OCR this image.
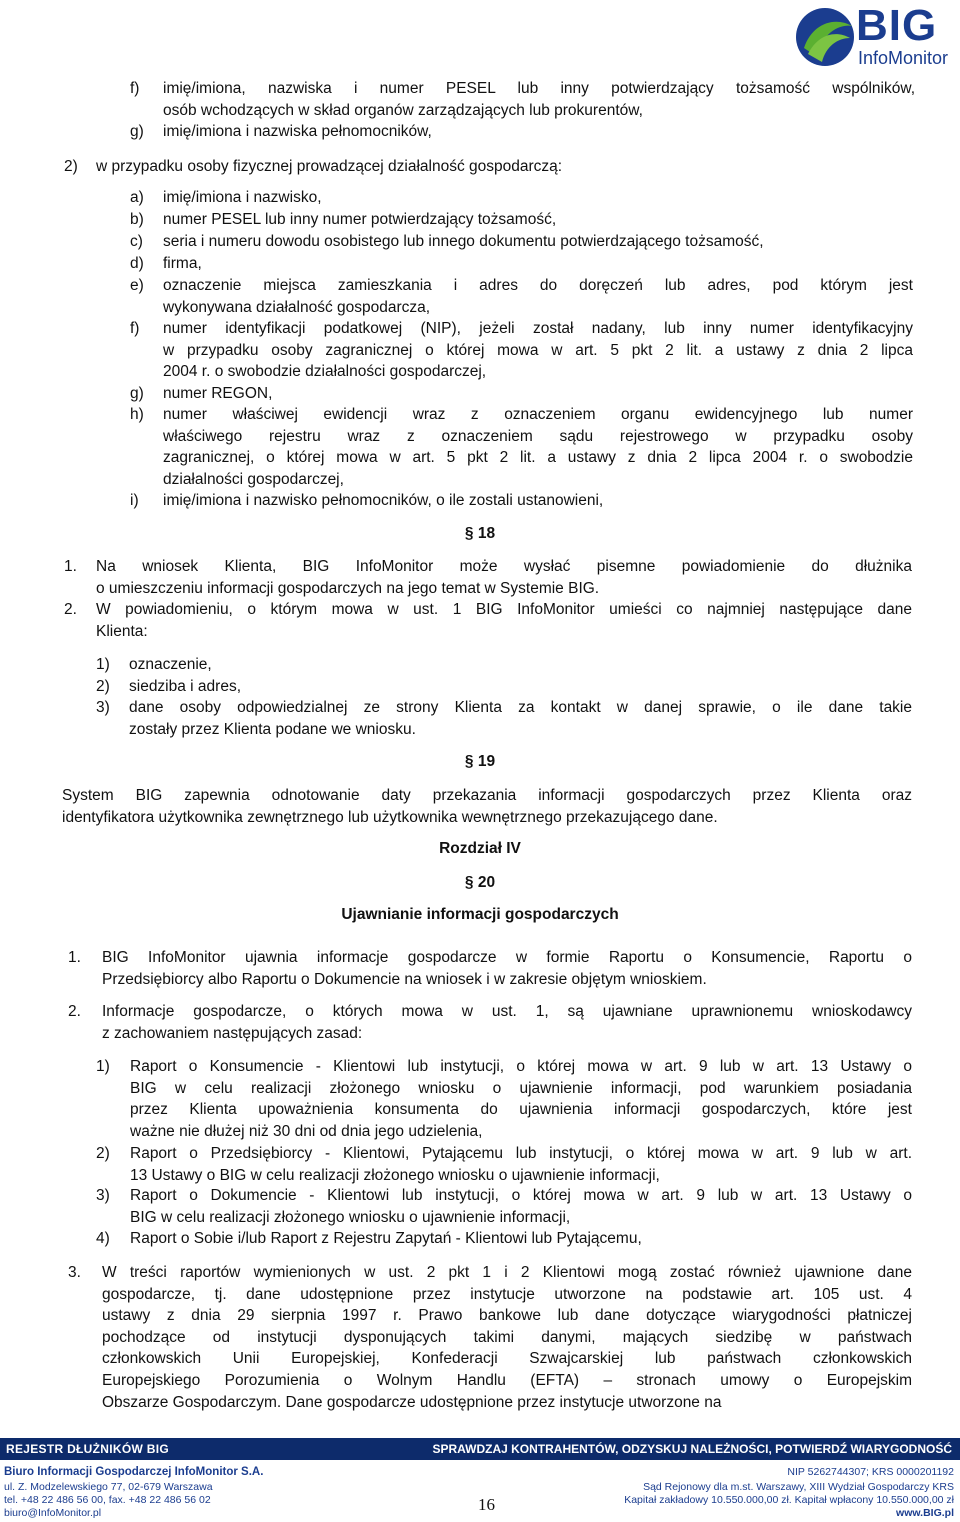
BIG
InfoMonitor
f) imię/imiona, nazwiska i numer PESEL lub inny potwierdzający tożsamość wspólników,
osób wchodzących w skład organów zarządzających lub prokurentów,
g) imię/imiona i nazwiska pełnomocników,
2) w przypadku osoby fizycznej prowadzącej działalność gospodarczą:
a) imię/imiona i nazwisko,
b) numer PESEL lub inny numer potwierdzający tożsamość,
c) seria i numeru dowodu osobistego lub innego dokumentu potwierdzającego tożsamość,
d) firma,
e) oznaczenie miejsca zamieszkania i adres do doręczeń lub adres, pod którym jest
wykonywana działalność gospodarcza,
f) numer identyfikacji podatkowej (NIP), jeżeli został nadany, lub inny numer identyfikacyjny
w przypadku osoby zagranicznej o której mowa w art. 5 pkt 2 lit. a ustawy z dnia 2 lipca
2004 r. o swobodzie działalności gospodarczej,
g) numer REGON,
h) numer właściwej ewidencji wraz z oznaczeniem organu ewidencyjnego lub numer
właściwego rejestru wraz z oznaczeniem sądu rejestrowego w przypadku osoby
zagranicznej, o której mowa w art. 5 pkt 2 lit. a ustawy z dnia 2 lipca 2004 r. o swobodzie
działalności gospodarczej,
i) imię/imiona i nazwisko pełnomocników, o ile zostali ustanowieni,
§ 18
1. Na wniosek Klienta, BIG InfoMonitor może wysłać pisemne powiadomienie do dłużnika
o umieszczeniu informacji gospodarczych na jego temat w Systemie BIG.
2. W powiadomieniu, o którym mowa w ust. 1 BIG InfoMonitor umieści co najmniej następujące dane
Klienta:
1) oznaczenie,
2) siedziba i adres,
3) dane osoby odpowiedzialnej ze strony Klienta za kontakt w danej sprawie, o ile dane takie
zostały przez Klienta podane we wniosku.
§ 19
System BIG zapewnia odnotowanie daty przekazania informacji gospodarczych przez Klienta oraz
identyfikatora użytkownika zewnętrznego lub użytkownika wewnętrznego przekazującego dane.
Rozdział IV
§ 20
Ujawnianie informacji gospodarczych
1. BIG InfoMonitor ujawnia informacje gospodarcze w formie Raportu o Konsumencie, Raportu o
Przedsiębiorcy albo Raportu o Dokumencie na wniosek i w zakresie objętym wnioskiem.
2. Informacje gospodarcze, o których mowa w ust. 1, są ujawniane uprawnionemu wnioskodawcy
z zachowaniem następujących zasad:
1) Raport o Konsumencie - Klientowi lub instytucji, o której mowa w art. 9 lub w art. 13 Ustawy o
BIG w celu realizacji złożonego wniosku o ujawnienie informacji, pod warunkiem posiadania
przez Klienta upoważnienia konsumenta do ujawnienia informacji gospodarczych, które jest
ważne nie dłużej niż 30 dni od dnia jego udzielenia,
2) Raport o Przedsiębiorcy - Klientowi, Pytającemu lub instytucji, o której mowa w art. 9 lub w art.
13 Ustawy o BIG w celu realizacji złożonego wniosku o ujawnienie informacji,
3) Raport o Dokumencie - Klientowi lub instytucji, o której mowa w art. 9 lub w art. 13 Ustawy o
BIG w celu realizacji złożonego wniosku o ujawnienie informacji,
4) Raport o Sobie i/lub Raport z Rejestru Zapytań - Klientowi lub Pytającemu,
3. W treści raportów wymienionych w ust. 2 pkt 1 i 2 Klientowi mogą zostać również ujawnione dane
gospodarcze, tj. dane udostępnione przez instytucje utworzone na podstawie art. 105 ust. 4
ustawy z dnia 29 sierpnia 1997 r. Prawo bankowe lub dane dotyczące wiarygodności płatniczej
pochodzące od instytucji dysponujących takimi danymi, mających siedzibę w państwach
członkowskich Unii Europejskiej, Konfederacji Szwajcarskiej lub państwach członkowskich
Europejskiego Porozumienia o Wolnym Handlu (EFTA) – stronach umowy o Europejskim
Obszarze Gospodarczym. Dane gospodarcze udostępnione przez instytucje utworzone na
REJESTR DŁUŻNIKÓW BIG	SPRAWDZAJ KONTRAHENTÓW, ODZYSKUJ NALEŻNOŚCI, POTWIERDŹ WIARYGODNOŚĆ
Biuro Informacji Gospodarczej InfoMonitor S.A.
ul. Z. Modzelewskiego 77, 02-679 Warszawa
tel. +48 22 486 56 00, fax. +48 22 486 56 02
biuro@InfoMonitor.pl
NIP 5262744307; KRS 0000201192
Sąd Rejonowy dla m.st. Warszawy, XIII Wydział Gospodarczy KRS
Kapitał zakładowy 10.550.000,00 zł. Kapitał wpłacony 10.550.000,00 zł
www.BIG.pl
16
